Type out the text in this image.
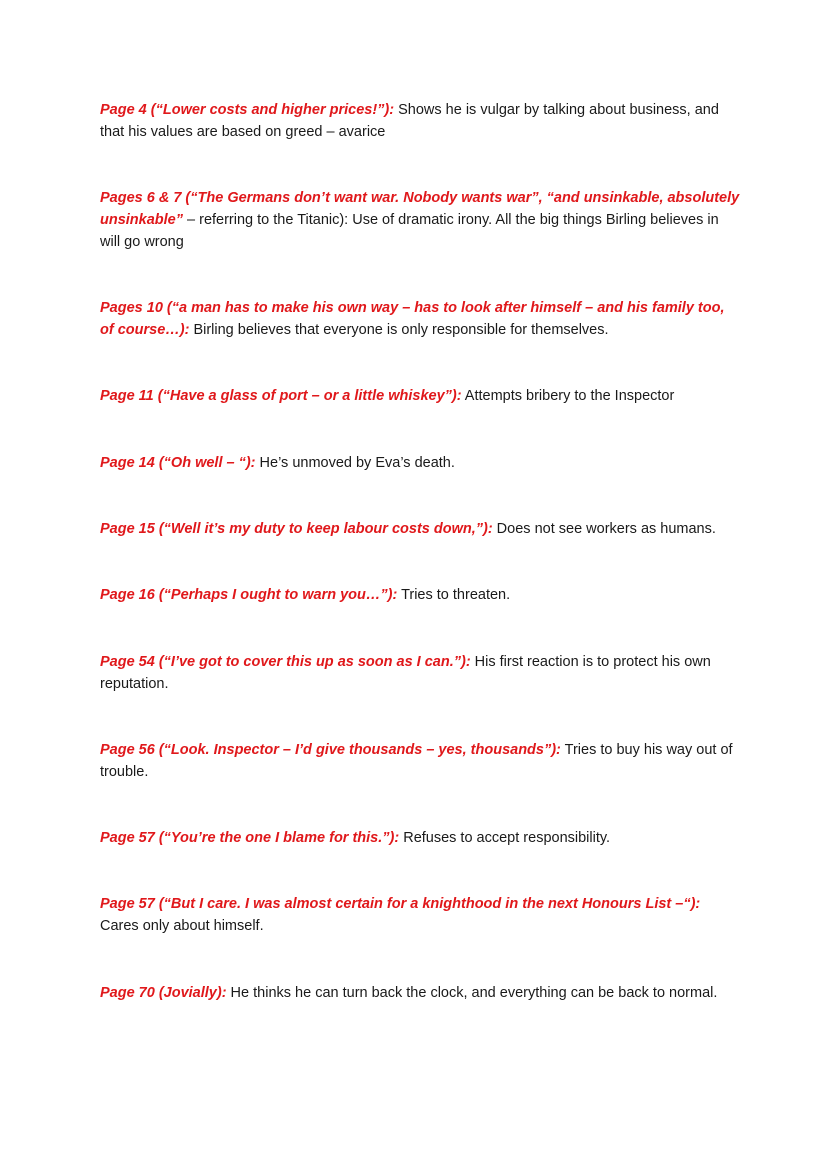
Page 4 (“Lower costs and higher prices!”): Shows he is vulgar by talking about business, and that his values are based on greed – avarice

Pages 6 & 7 (“The Germans don’t want war. Nobody wants war”, “and unsinkable, absolutely unsinkable” – referring to the Titanic): Use of dramatic irony. All the big things Birling believes in will go wrong

Pages 10 (“a man has to make his own way – has to look after himself – and his family too, of course…): Birling believes that everyone is only responsible for themselves.

Page 11 (“Have a glass of port – or a little whiskey”): Attempts bribery to the Inspector

Page 14 (“Oh well – “): He’s unmoved by Eva’s death.

Page 15 (“Well it’s my duty to keep labour costs down,”): Does not see workers as humans.

Page 16 (“Perhaps I ought to warn you…”): Tries to threaten.

Page 54 (“I’ve got to cover this up as soon as I can.”): His first reaction is to protect his own reputation.

Page 56 (“Look. Inspector – I’d give thousands – yes, thousands”): Tries to buy his way out of trouble.

Page 57 (“You’re the one I blame for this.”): Refuses to accept responsibility.

Page 57 (“But I care. I was almost certain for a knighthood in the next Honours List –“): Cares only about himself.

Page 70 (Jovially): He thinks he can turn back the clock, and everything can be back to normal.
